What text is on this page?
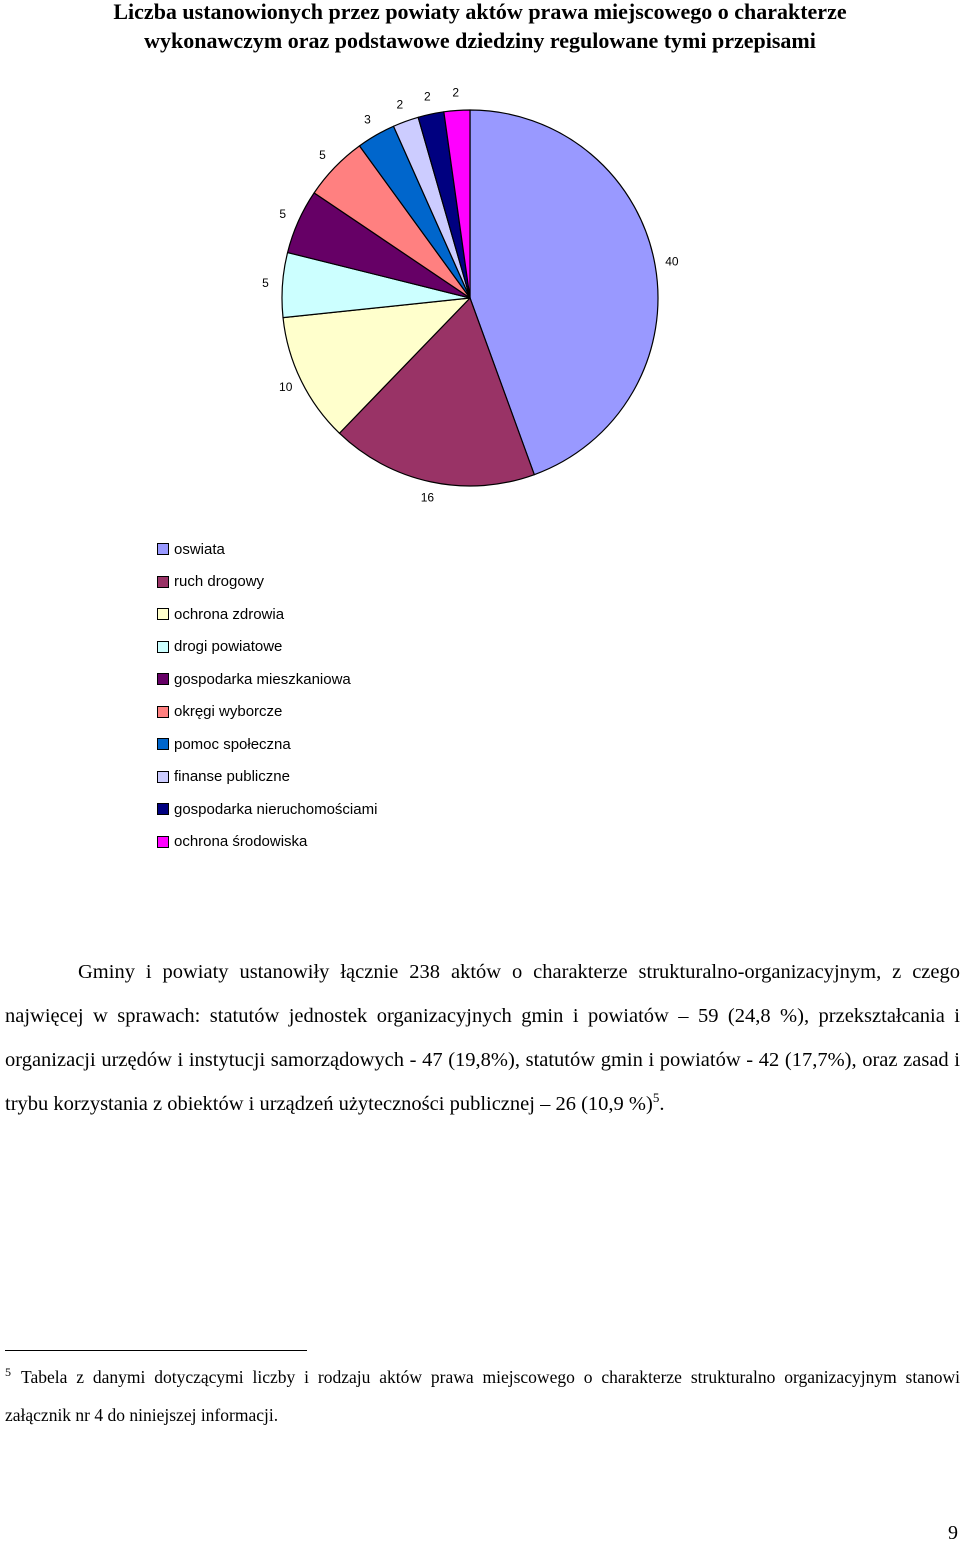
Liczba ustanowionych przez powiaty aktów prawa miejscowego o charakterze
wykonawczym oraz podstawowe dziedziny regulowane tymi przepisami
40
16
10
5
5
5
3
2
2 2
oswiata
ruch drogowy
ochrona zdrowia
drogi powiatowe
gospodarka mieszkaniowa
okręgi wyborcze
pomoc społeczna
finanse publiczne
gospodarka nieruchomościami
ochrona środowiska

Gminy i powiaty ustanowiły łącznie 238 aktów o charakterze strukturalno-organizacyjnym, z czego najwięcej w sprawach: statutów jednostek organizacyjnych gmin i powiatów – 59 (24,8 %), przekształcania i organizacji urzędów i instytucji samorządowych - 47 (19,8%), statutów gmin i powiatów - 42 (17,7%), oraz zasad i trybu korzystania z obiektów i urządzeń użyteczności publicznej – 26 (10,9 %)$^5$.

$^5$ Tabela z danymi dotyczącymi liczby i rodzaju aktów prawa miejscowego o charakterze strukturalno organizacyjnym stanowi załącznik nr 4 do niniejszej informacji.

9
